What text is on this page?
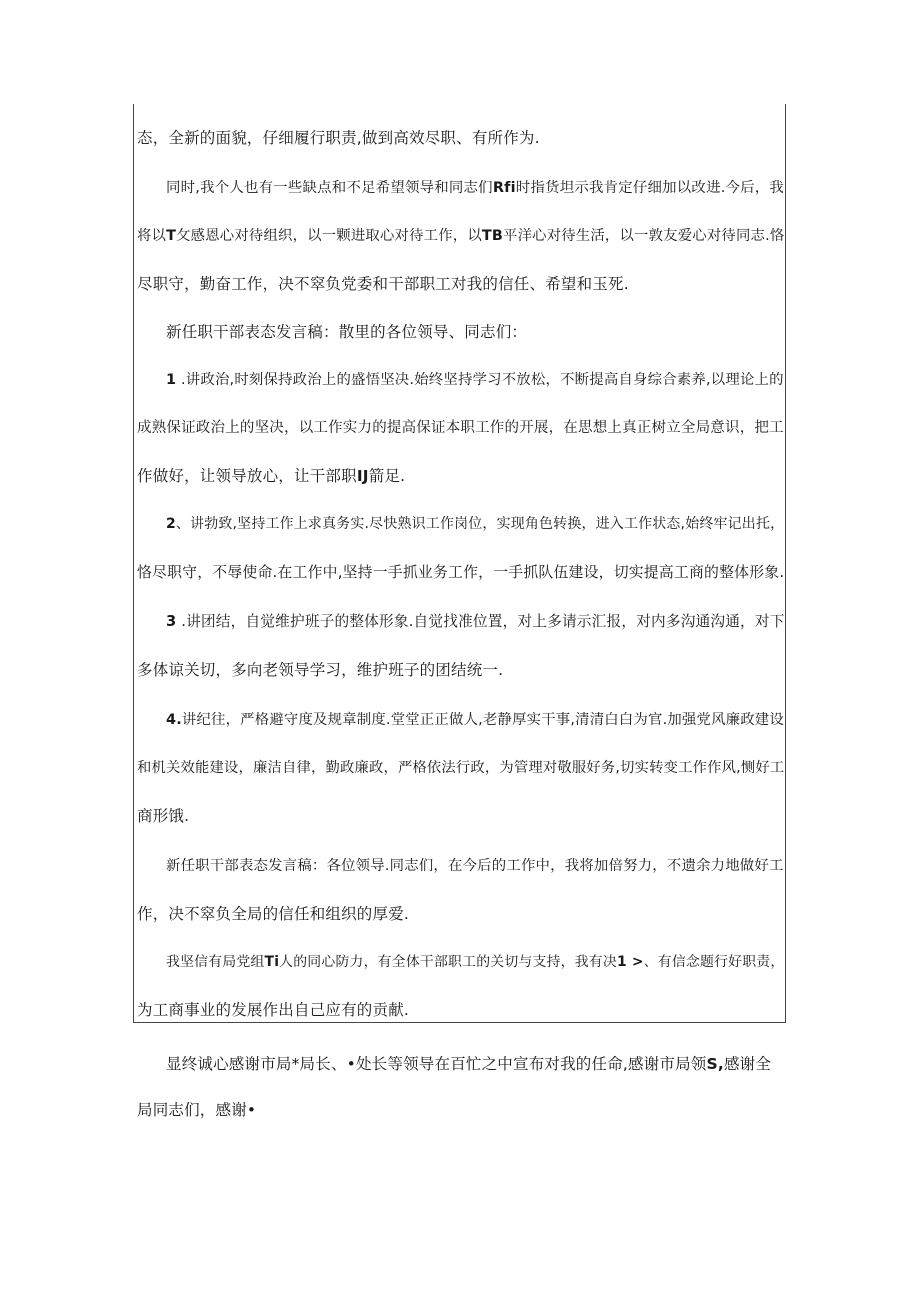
态，全新的面貌，仔细履行职责,做到高效尽职、有所作为.
同时,我个人也有一些缺点和不足希望领导和同志们Rfi时指货坦示我肯定仔细加以改进.今后，我
将以T攵感恩心对待组织，以一颗进取心对待工作，以TB平洋心对待生活，以一敦友爱心对待同志.恪
尽职守，勤奋工作，决不窣负党委和干部职工对我的信任、希望和玉死.
新任职干部表态发言稿：散里的各位领导、同志们：
1 .讲政治,时刻保持政治上的盛悟坚决.始终坚持学习不放松，不断提高自身综合素养,以理论上的
成熟保证政治上的坚决，以工作实力的提高保证本职工作的开展，在思想上真正树立全局意识，把工
作做好，让领导放心，让干部职IJ箭足.
2、讲勃致,坚持工作上求真务实.尽快熟识工作岗位，实现角色转换，进入工作状态,始终牢记出托，
恪尽职守，不辱使命.在工作中,坚持一手抓业务工作，一手抓队伍建设，切实提高工商的整体形象.
3 .讲团结，自觉维护班子的整体形象.自觉找准位置，对上多请示汇报，对内多沟通沟通，对下
多体谅关切，多向老领导学习，维护班子的团结统一.
4.讲纪往，严格避守度及规章制度.堂堂正正做人,老静厚实干事,清清白白为官.加强党风廉政建设
和机关效能建设，廉洁自律，勤政廉政，严格依法行政，为管理对敬服好务,切实转变工作作风,恻好工
商形饿.
新任职干部表态发言稿：各位领导.同志们，在今后的工作中，我将加倍努力，不遗余力地做好工
作，决不窣负全局的信任和组织的厚爱.
我坚信有局党组Ti人的同心防力，有全体干部职工的关切与支持，我有决1 >、有信念题行好职责，
为工商事业的发展作出自己应有的贡献.
显终诚心感谢市局*局长、•处长等领导在百忙之中宣布对我的任命,感谢市局领S,感谢全
局同志们，感谢•
